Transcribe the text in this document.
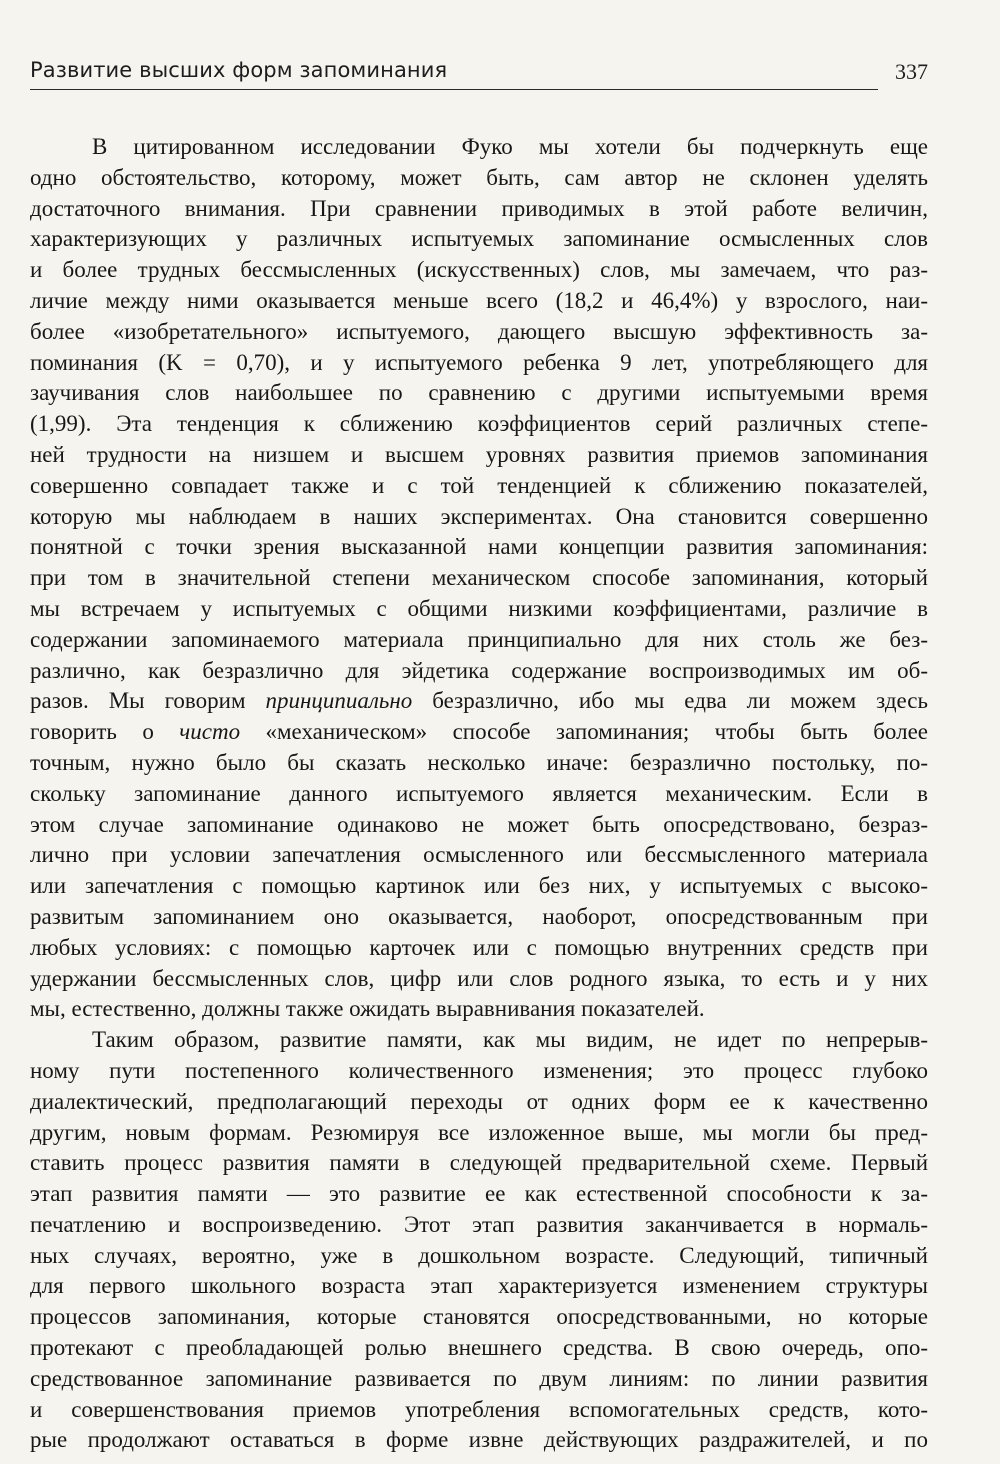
Развитие высших форм запоминания	337
В цитированном исследовании Фуко мы хотели бы подчеркнуть еще
одно обстоятельство, которому, может быть, сам автор не склонен уделять
достаточного внимания. При сравнении приводимых в этой работе величин,
характеризующих у различных испытуемых запоминание осмысленных слов
и более трудных бессмысленных (искусственных) слов, мы замечаем, что раз-
личие между ними оказывается меньше всего (18,2 и 46,4%) у взрослого, наи-
более «изобретательного» испытуемого, дающего высшую эффективность за-
поминания (K = 0,70), и у испытуемого ребенка 9 лет, употребляющего для
заучивания слов наибольшее по сравнению с другими испытуемыми время
(1,99). Эта тенденция к сближению коэффициентов серий различных степе-
ней трудности на низшем и высшем уровнях развития приемов запоминания
совершенно совпадает также и с той тенденцией к сближению показателей,
которую мы наблюдаем в наших экспериментах. Она становится совершенно
понятной с точки зрения высказанной нами концепции развития запоминания:
при том в значительной степени механическом способе запоминания, который
мы встречаем у испытуемых с общими низкими коэффициентами, различие в
содержании запоминаемого материала принципиально для них столь же без-
различно, как безразлично для эйдетика содержание воспроизводимых им об-
разов. Мы говорим принципиально безразлично, ибо мы едва ли можем здесь
говорить о чисто «механическом» способе запоминания; чтобы быть более
точным, нужно было бы сказать несколько иначе: безразлично постольку, по-
скольку запоминание данного испытуемого является механическим. Если в
этом случае запоминание одинаково не может быть опосредствовано, безраз-
лично при условии запечатления осмысленного или бессмысленного материала
или запечатления с помощью картинок или без них, у испытуемых с высоко-
развитым запоминанием оно оказывается, наоборот, опосредствованным при
любых условиях: с помощью карточек или с помощью внутренних средств при
удержании бессмысленных слов, цифр или слов родного языка, то есть и у них
мы, естественно, должны также ожидать выравнивания показателей.
Таким образом, развитие памяти, как мы видим, не идет по непрерыв-
ному пути постепенного количественного изменения; это процесс глубоко
диалектический, предполагающий переходы от одних форм ее к качественно
другим, новым формам. Резюмируя все изложенное выше, мы могли бы пред-
ставить процесс развития памяти в следующей предварительной схеме. Первый
этап развития памяти — это развитие ее как естественной способности к за-
печатлению и воспроизведению. Этот этап развития заканчивается в нормаль-
ных случаях, вероятно, уже в дошкольном возрасте. Следующий, типичный
для первого школьного возраста этап характеризуется изменением структуры
процессов запоминания, которые становятся опосредствованными, но которые
протекают с преобладающей ролью внешнего средства. В свою очередь, опо-
средствованное запоминание развивается по двум линиям: по линии развития
и совершенствования приемов употребления вспомогательных средств, кото-
рые продолжают оставаться в форме извне действующих раздражителей, и по
